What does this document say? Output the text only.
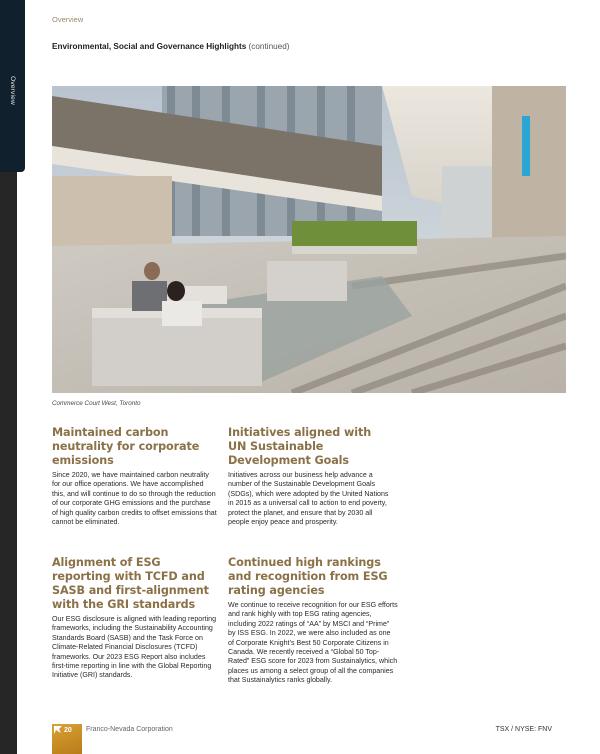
Overview
Overview
Environmental, Social and Governance Highlights (continued)
Commerce Court West, Toronto
Maintained carbon neutrality for corporate emissions

Since 2020, we have maintained carbon neutrality for our office operations. We have accomplished this, and will continue to do so through the reduction of our corporate GHG emissions and the purchase of high quality carbon credits to offset emissions that cannot be eliminated.

Initiatives aligned with UN Sustainable Development Goals

Initiatives across our business help advance a number of the Sustainable Development Goals (SDGs), which were adopted by the United Nations in 2015 as a universal call to action to end poverty, protect the planet, and ensure that by 2030 all people enjoy peace and prosperity.

Alignment of ESG reporting with TCFD and SASB and first-alignment with the GRI standards

Our ESG disclosure is aligned with leading reporting frameworks, including the Sustainability Accounting Standards Board (SASB) and the Task Force on Climate-Related Financial Disclosures (TCFD) frameworks. Our 2023 ESG Report also includes first-time reporting in line with the Global Reporting Initiative (GRI) standards.

Continued high rankings and recognition from ESG rating agencies

We continue to receive recognition for our ESG efforts and rank highly with top ESG rating agencies, including 2022 ratings of “AA” by MSCI and “Prime” by ISS ESG. In 2022, we were also included as one of Corporate Knight’s Best 50 Corporate Citizens in Canada. We recently received a “Global 50 Top-Rated” ESG score for 2023 from Sustainalytics, which places us among a select group of all the companies that Sustainalytics ranks globally.

20 Franco-Nevada Corporation	TSX / NYSE: FNV
